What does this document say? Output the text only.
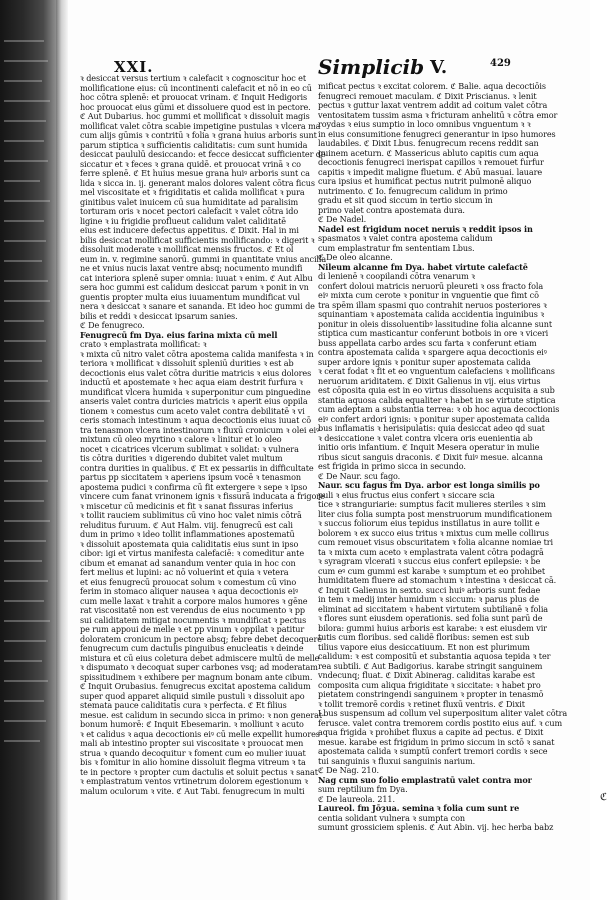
XXI.	Simplicib V.	429

ꝛ desiccat versus tertium ꝛ calefacit ꝛ cognoscitur hoc et

mollificatione eius: cū incontinenti calefacit et nō in eo cū

hoc cōtra splenē: et prouocat vrinam. ℭ Inquit Hedigoris

hoc prouocat eius gūmi et dissoluere quod est in pectore.

ℭ Aut Dubarius. hoc gummi et mollificat ꝛ dissoluit magis

mollificat valet cōtra scabie impetigine pustulas ꝛ vlcera ma

cum alijs gūmis ꝛ contritū ꝛ folia ꝛ grana huius arboris sunt

parum stiptica ꝛ sufficientis caliditatis: cum sunt humida

desiccat paululū desiccando: et fecce desiccat sufficienter de

siccatur et ꝛ feces ꝛ grana quidē. et prouocat vrinā ꝛ co

ferre splenē. ℭ Et huius mesue grana huiꝰ arboris sunt ca

lida ꝛ sicca in. ij. generant malos dolores valent cōtra ficus

mel viscositate et ꝛ frigiditatis et calida mollificat ꝛ pura

ginitibus valet inuicem cū sua humiditate ad paralisim

torturam oris ꝛ nocet pectori calefacit ꝛ valet cōtra ido

ligine ꝛ iu frigidie proflueut calidum valet caliditatē

eius est inducere defectus appetitus. ℭ Dixit. Hal in mi

bilis desiccat mollificat sufficientis mollificando: ꝛ digerit ꝛ

dissoluit moderate ꝛ mollificat mensis fructos. ℭ Et ol

eum in. v. regimine sanorū. gummi in quantitate vnius ancilla

ne et vnius nucis laxat ventre absq; nocumento mundifi

cat interiora splenē super omnia: iuuat ꝛ enim. ℭ Aut Albu

sera hoc gummi est calidum desiccat parum ꝛ ponit in vn

guentis propter multa eius iuuamentum mundificat vul

nera ꝛ desiccat ꝛ sanare et sananda. Et ideo hoc gummi de

bilis et reddi ꝛ desiccat ipsarum sanies.

ℭ De fenugreco.

Fenugrecū fm Dya. eius farina mixta cū mell

crato ꝛ emplastrata mollificat: ꝛ

ꝛ mixta cū nitro valet cōtra apostema calida manifesta ꝛ in

teriora ꝛ mollificat ꝛ dissoluit spleniū durities ꝛ est ab

decoctionis eius valet cōtra duritie matricis ꝛ eius dolores

inductū et apostemate ꝛ hec aqua eiam destrit furfura ꝛ

mundificat vlcera humida ꝛ superponitur cum pinguedine

anseris valet contra duricies matricis ꝛ aperit eius oppila

tionem ꝛ comestus cum aceto valet contra debilitatē ꝛ vi

ceris stomach intestinum ꝛ aqua decoctionis eius iuuat cō

tra tenasmon vlcera intestinorum ꝛ fluxū cronicum ꝛ olei eiꝰ

mixtum cū oleo myrtino ꝛ calore ꝛ linitur et lo oleo

nocet ꝛ cicatrices vlcerum sublimat ꝛ solidat: ꝛ vulnera

tis cōtra durities ꝛ digerendo dubitet valet multum

contra durities in qualibus. ℭ Et ex pessariis in difficultate

partus pp siccitatem ꝛ aperiens ipsum vocē ꝛ tenasmon

apostema pudici ꝛ confirma cū fit extergere ꝛ sepe ꝛ ipso

vincere cum fanat vrinonem ignis ꝛ fissurā inducata a frigore

ꝛ miscetur cū medicinis et fit ꝛ sanat fissuras inferius

ꝛ tollit rauciem sublimitus cū vino hoc valet nimis cōtrā

reluditus furuum. ℭ Aut Halm. viij. fenugrecū est cali

dum in primo ꝛ ideo tollit inflammationes apostematū

ꝛ dissoluit apostemata quia caliditatis eius sunt in ipso

cibor: igi et virtus manifesta calefaciē: ꝛ comeditur ante

cibum et emanat ad sanandum venter quia in hoc con

fert melius et lupini: ac nō voluerint et quia ꝛ vetera

et eius fenugrecū prouocat solum ꝛ comestum cū vino

ferim in stomaco aliquer nausea ꝛ aqua decoctionis eiꝰ

cum melle laxat ꝛ trahit a corpore malos humores ꝛ gēne

rat viscositatē non est verendus de eius nocumento ꝛ pp

sui caliditatem mitigat nocumentis ꝛ mundificat ꝛ pectus

pe rum appoui de melle ꝛ et pp vinum ꝛ oppilat ꝛ patitur

doloratem cronicum in pectore absq; febre debet decoquere

fenugrecum cum dactulis pinguibus enucleatis ꝛ deinde

mistura et cū eius coletura debet admiscere multū de melle

ꝛ dispumato ꝛ decoquat super carbones vsq; ad moderatam

spissitudinem ꝛ exhibere per magnum bonam ante cibum.

ℭ Inquit Orubasius. fenugrecus excitat apostema calidum

super quod apparet aliquid simile pustuli ꝛ dissoluit apo

stemata pauce caliditatis cura ꝛ perfecta. ℭ Et filius

mesue. est calidum in secundo sicca in primo: ꝛ non generat

bonum humorē: ℭ Inquit Ebesemarin. ꝛ molliunt ꝛ acuto

ꝛ et calidus ꝛ aqua decoctionis eiꝰ cū melle expellit humores

mali ab intestino propter sui viscositate ꝛ prouocat men

strua ꝛ quando decoquitur ꝛ foment cum eo mulier iuuat

bis ꝛ fomitur in alio homine dissoluit flegma vitreum ꝛ ta

te in pectore ꝛ propter cum dactulis et soluit pectus ꝛ sanat

ꝛ emplastratum ventos vrtinetrum dolorem egestionum ꝛ

malum oculorum ꝛ vite. ℭ Aut Tabi. fenugrecum in multi

mificat pectus ꝛ excitat colorem. ℭ Balie. aqua decoctiōis

fenugreci remouet maculam. ℭ Dixit Priscianus. ꝛ lenit

pectus ꝛ guttur laxat ventrem addit ad coitum valet cōtra

ventositatem tussim asma ꝛ fricturam anhelitū ꝛ cōtra emor

roydas ꝛ eius sumptio in loco omnibus vnguentum ꝛ ꝛ

in eius consumitione fenugreci generantur in ipso humores

laudabiles. ℭ Dixit Lbus. fenugrecum recens reddit san

guinem aceturn. ℭ Massericus abluto capitis cum aqua

decoctionis fenugreci inerispat capillos ꝛ remouet furfur

capitis ꝛ impedit maligne fluetum. ℭ Abū masuai. lauare

cura ipsius et humificat pectus nutrit pulmonē aliquo

nutrimento. ℭ Io. fenugrecum calidum in primo

gradu et sit quod siccum in tertio siccum in

primo valet contra apostemata dura.

ℭ De Nadel.

Nadel est frigidum nocet neruis ꝛ reddit ipsos in

spasmatos ꝛ valet contra apostema calidum

cum emplastratur fm sententiam Lbus.

ℭ De oleo alcanne.

Nileum alcanne fm Dya. habet virtute calefactē

di lenienē ꝛ coopilandi cōtra venarum ꝛ

confert doloui matricis neruorū pleureti ꝛ oss fracto fola

eiꝰ mixta cum cerote ꝛ ponitur in vnguentie que fimt cō

tra spēm illam spasmi quo contrahit neruos posteriores ꝛ

squinantiam ꝛ apostemata calida accidentia inguinibus ꝛ

ponitur in oleis dissoluentibꝰ lassitudine folia alcanne sunt

stiptica cum masticantur conferunt botbois in ore ꝛ viceri

buss appellata carbo ardes scu farta ꝛ conferunt etiam

contra apostemata calida ꝛ spargere aqua decoctionis eiꝰ

super ardore ignis ꝛ ponitur super apostemata calida

ꝛ cerat fodat ꝛ fit et eo vnguentum calefaciens ꝛ mollificans

neruorum ariditatem. ℭ Dixit Galienus in vij. eius virtus

est cōposita quia est in eo virtus dissoluens acquisita a sub

stantia aquosa calida equaliter ꝛ habet in se virtute stiptica

cum adeptam a substantia terrea: ꝛ ob hoc aqua decoctionis

eiꝰ confert ardori ignis: ꝛ ponitur super apostemata calida

bus inflamatis ꝛ herisipulatis: quia desiccat adeo qd suat

ꝛ desiccatione ꝛ valet contra vlcera oris euenientia ab

initio oris infantium. ℭ Inquit Mesera operatur in mulie

ribus sicut sanguis draconis. ℭ Dixit fuiꝰ mesue. alcanna

est frigida in primo sicca in secundo.

ℭ De Naur. scu fago.

Naur. scu fagus fm Dya. arbor est longa similis po

puli ꝛ eius fructus eius confert ꝛ siccare scia

tice ꝛ stranguriarie: sumptus facit mulieres steriles ꝛ sim

liter cius folia sumpta post menstruorum mundificationem

ꝛ succus foliorum eius tepidus instillatus in aure tollit e

bolorem ꝛ ex succo eius tritus ꝛ mixtus cum melle collirus

cum remouet visus obscuritatem ꝛ folia alcanne nomiae tri

ta ꝛ mixta cum aceto ꝛ emplastrata valent cōtra podagrā

ꝛ syragram vlcerati ꝛ succus eius confert epilepsie: ꝛ be

cum eꝰ cum gummi est karabe ꝛ sumptum et eo prohibet

humiditatem fluere ad stomachum ꝛ intestina ꝛ desiccat cā.

ℭ Inquit Galienus in sexto. succi huiꝰ arboris sunt fedae

in tem ꝛ medij inter humidum ꝛ siccum: ꝛ parus plus de

eliminat ad siccitatem ꝛ habent virtutem subtilianē ꝛ folia

ꝛ flores sunt eiusdem operationis. sed folia sunt parū de

bilora: gummi huius arboris est karabe: ꝛ est eiusdem vir

tutis cum floribus. sed calidē floribus: semen est sub

tilius vapore eius desiccatiuum. Et non est plurimum

calidum: ꝛ est compositū et substantia aquosa tepida ꝛ ter

rea subtili. ℭ Aut Badigorius. karabe stringit sanguinem

vndecunq; fluat. ℭ Dixit Abinerag. caliditas karabe est

composita cum aliqua frigiditate ꝛ siccitate: ꝛ habet pro

pietatem constringendi sanguinem ꝛ propter in tenasmō

ꝛ tollit tremorē cordis ꝛ retinet fluxū ventris. ℭ Dixit

Lbus suspensum ad collum vel superpositum aliter valet cōtra

ferusce. valet contra tremorem cordis postito eius auf. ꝛ cum

aqua frigida ꝛ prohibet fluxus a capite ad pectus. ℭ Dixit

mesue. karabe est frigidum in primo siccum in sctō ꝛ sanat

apostemata calida ꝛ sumptū confert tremori cordis ꝛ sece

tui sanguinis ꝛ fluxui sanguinis narium.

ℭ De Nag. 210.

Nag cum suo folio emplastratū valet contra mor

sum reptilium fm Dya.

ℭ De laureola. 211.

Laureol. fm Jōȝua. semina ꝛ folia cum sunt re

centia solidant vulnera ꝛ sumpta con

sumunt grossiciem splenis. ℭ Aut Abin. vij. hec herba babz

ℭ
